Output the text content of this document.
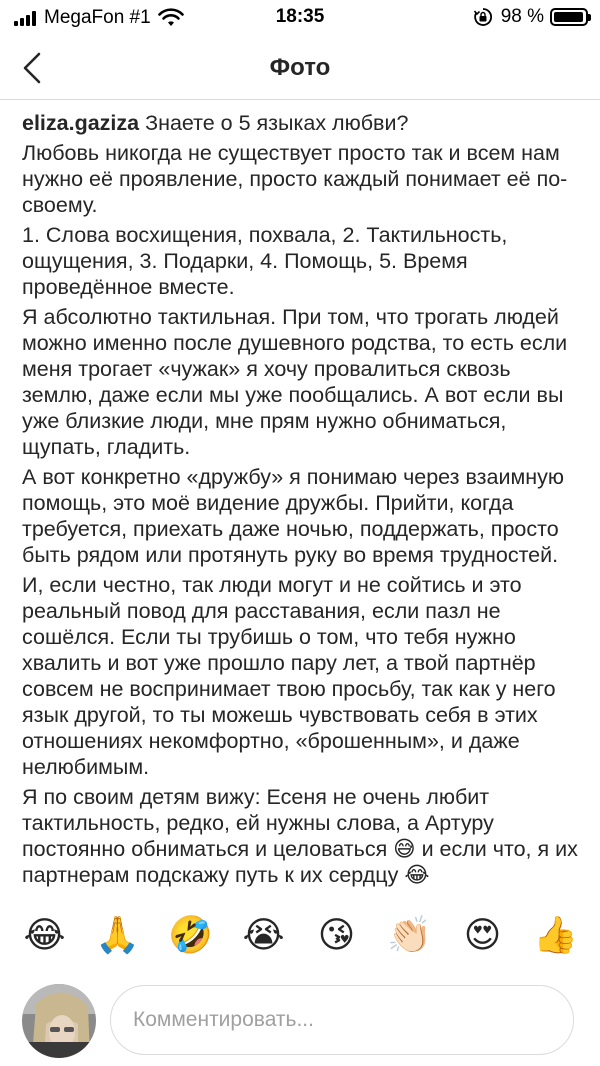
MegaFon #1	18:35	98 %
Фото

eliza.gaziza Знаете о 5 языках любви?

Любовь никогда не существует просто так и всем нам нужно её проявление, просто каждый понимает её по-своему.

1. Слова восхищения, похвала, 2. Тактильность, ощущения, 3. Подарки, 4. Помощь, 5. Время проведённое вместе.

Я абсолютно тактильная. При том, что трогать людей можно именно после душевного родства, то есть если меня трогает «чужак» я хочу провалиться сквозь землю, даже если мы уже пообщались. А вот если вы уже близкие люди, мне прям нужно обниматься, щупать, гладить.

А вот конкретно «дружбу» я понимаю через взаимную помощь, это моё видение дружбы. Прийти, когда требуется, приехать даже ночью, поддержать, просто быть рядом или протянуть руку во время трудностей.

И, если честно, так люди могут и не сойтись и это реальный повод для расставания, если пазл не сошёлся. Если ты трубишь о том, что тебя нужно хвалить и вот уже прошло пару лет, а твой партнёр совсем не воспринимает твою просьбу, так как у него язык другой, то ты можешь чувствовать себя в этих отношениях некомфортно, «брошенным», и даже нелюбимым.

Я по своим детям вижу: Есеня не очень любит тактильность, редко, ей нужны слова, а Артуру постоянно обниматься и целоваться 😅 и если что, я их партнерам подскажу путь к их сердцу 😂

😂 🙏 🤣 😭 😘 👏🏻 😍 👍
Комментировать...
